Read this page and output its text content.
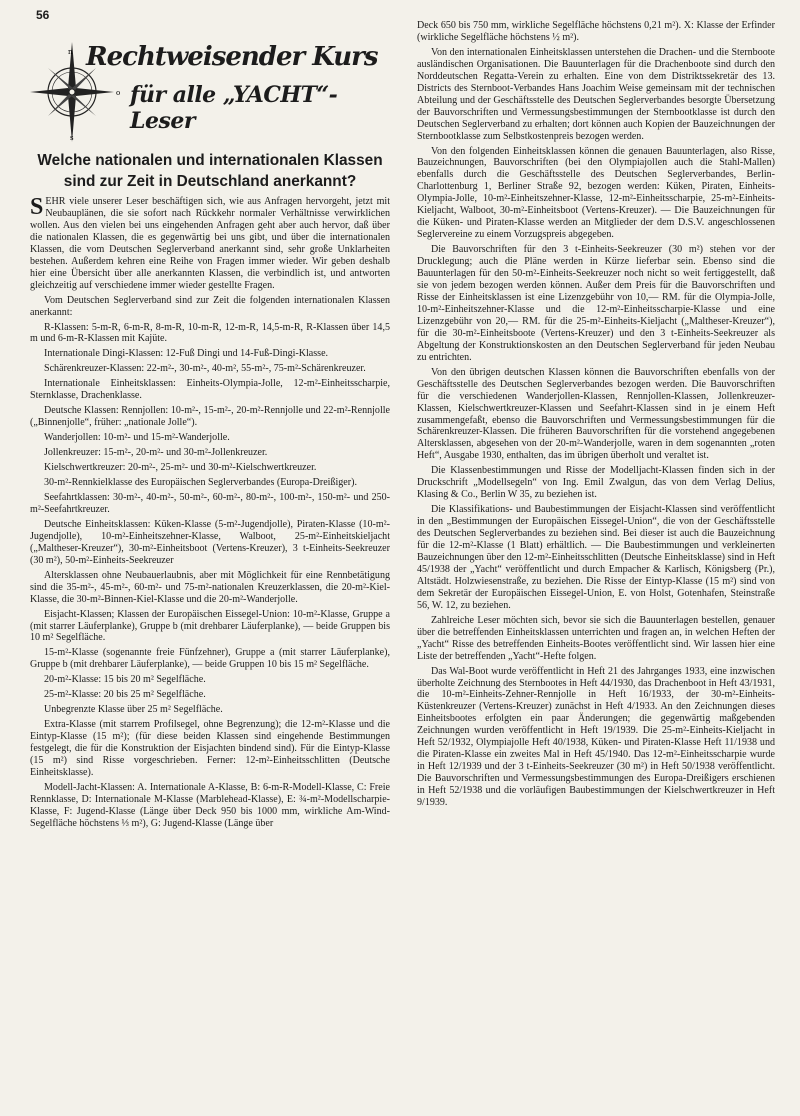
56
n
o
s
Rechtweisender Kurs
für alle „YACHT“-Leser
Welche nationalen und internationalen Klassen sind zur Zeit in Deutschland anerkannt?

SEHR viele unserer Leser beschäftigen sich, wie aus Anfragen hervorgeht, jetzt mit Neubauplänen, die sie sofort nach Rückkehr normaler Verhältnisse verwirklichen wollen. Aus den vielen bei uns eingehenden Anfragen geht aber auch hervor, daß über die nationalen Klassen, die es gegenwärtig bei uns gibt, und über die internationalen Klassen, die vom Deutschen Seglerverband anerkannt sind, sehr große Unklarheiten bestehen. Außerdem kehren eine Reihe von Fragen immer wieder. Wir geben deshalb hier eine Übersicht über alle anerkannten Klassen, die verbindlich ist, und antworten gleichzeitig auf verschiedene immer wieder gestellte Fragen.

Vom Deutschen Seglerverband sind zur Zeit die folgenden internationalen Klassen anerkannt:

R-Klassen: 5-m-R, 6-m-R, 8-m-R, 10-m-R, 12-m-R, 14,5-m-R, R-Klassen über 14,5 m und 6-m-R-Klassen mit Kajüte.

Internationale Dingi-Klassen: 12-Fuß Dingi und 14-Fuß-Dingi-Klasse.

Schärenkreuzer-Klassen: 22-m²-, 30-m²-, 40-m², 55-m²-, 75-m²-Schärenkreuzer.

Internationale Einheitsklassen: Einheits-Olympia-Jolle, 12-m²-Einheitsscharpie, Sternklasse, Drachenklasse.

Deutsche Klassen: Rennjollen: 10-m²-, 15-m²-, 20-m²-Rennjolle und 22-m²-Rennjolle („Binnenjolle“, früher: „nationale Jolle“).

Wanderjollen: 10-m²- und 15-m²-Wanderjolle.

Jollenkreuzer: 15-m²-, 20-m²- und 30-m²-Jollenkreuzer.

Kielschwertkreuzer: 20-m²-, 25-m²- und 30-m²-Kielschwertkreuzer.

30-m²-Rennkielklasse des Europäischen Seglerverbandes (Europa-Dreißiger).

Seefahrtklassen: 30-m²-, 40-m²-, 50-m²-, 60-m²-, 80-m²-, 100-m²-, 150-m²- und 250-m²-Seefahrtkreuzer.

Deutsche Einheitsklassen: Küken-Klasse (5-m²-Jugendjolle), Piraten-Klasse (10-m²-Jugendjolle), 10-m²-Einheitszehner-Klasse, Walboot, 25-m²-Einheitskieljacht („Maltheser-Kreuzer“), 30-m²-Einheitsboot (Vertens-Kreuzer), 3 t-Einheits-Seekreuzer (30 m²), 50-m²-Einheits-Seekreuzer

Altersklassen ohne Neubauerlaubnis, aber mit Möglichkeit für eine Rennbetätigung sind die 35-m²-, 45-m²-, 60-m²- und 75-m²-nationalen Kreuzerklassen, die 20-m²-Kiel-Klasse, die 30-m²-Binnen-Kiel-Klasse und die 20-m²-Wanderjolle.

Eisjacht-Klassen; Klassen der Europäischen Eissegel-Union: 10-m²-Klasse, Gruppe a (mit starrer Läuferplanke), Gruppe b (mit drehbarer Läuferplanke), — beide Gruppen bis 10 m² Segelfläche.

15-m²-Klasse (sogenannte freie Fünfzehner), Gruppe a (mit starrer Läuferplanke), Gruppe b (mit drehbarer Läuferplanke), — beide Gruppen 10 bis 15 m² Segelfläche.

20-m²-Klasse: 15 bis 20 m² Segelfläche.

25-m²-Klasse: 20 bis 25 m² Segelfläche.

Unbegrenzte Klasse über 25 m² Segelfläche.

Extra-Klasse (mit starrem Profilsegel, ohne Begrenzung); die 12-m²-Klasse und die Eintyp-Klasse (15 m²); (für diese beiden Klassen sind eingehende Bestimmungen festgelegt, die für die Konstruktion der Eisjachten bindend sind). Für die Eintyp-Klasse (15 m²) sind Risse vorgeschrieben. Ferner: 12-m²-Einheitsschlitten (Deutsche Einheitsklasse).

Modell-Jacht-Klassen: A. Internationale A-Klasse, B: 6-m-R-Modell-Klasse, C: Freie Rennklasse, D: Internationale M-Klasse (Marblehead-Klasse), E: ¾-m²-Modellscharpie-Klasse, F: Jugend-Klasse (Länge über Deck 950 bis 1000 mm, wirkliche Am-Wind-Segelfläche höchstens ⅓ m²), G: Jugend-Klasse (Länge über

Deck 650 bis 750 mm, wirkliche Segelfläche höchstens 0,21 m²). X: Klasse der Erfinder (wirkliche Segelfläche höchstens ½ m²).

Von den internationalen Einheitsklassen unterstehen die Drachen- und die Sternboote ausländischen Organisationen. Die Bauunterlagen für die Drachenboote sind durch den Norddeutschen Regatta-Verein zu erhalten. Eine von dem Distriktssekretär des 13. Districts des Sternboot-Verbandes Hans Joachim Weise gemeinsam mit der technischen Abteilung und der Geschäftsstelle des Deutschen Seglerverbandes besorgte Übersetzung der Bauvorschriften und Vermessungsbestimmungen der Sternbootklasse ist durch den Deutschen Seglerverband zu erhalten; dort können auch Kopien der Bauzeichnungen der Sternbootklasse zum Selbstkostenpreis bezogen werden.

Von den folgenden Einheitsklassen können die genauen Bauunterlagen, also Risse, Bauzeichnungen, Bauvorschriften (bei den Olympiajollen auch die Stahl-Mallen) ebenfalls durch die Geschäftsstelle des Deutschen Seglerverbandes, Berlin-Charlottenburg 1, Berliner Straße 92, bezogen werden: Küken, Piraten, Einheits-Olympia-Jolle, 10-m²-Einheitszehner-Klasse, 12-m²-Einheitsscharpie, 25-m²-Einheits-Kieljacht, Walboot, 30-m²-Einheitsboot (Vertens-Kreuzer). — Die Bauzeichnungen für die Küken- und Piraten-Klasse werden an Mitglieder der dem D.S.V. angeschlossenen Seglervereine zu einem Vorzugspreis abgegeben.

Die Bauvorschriften für den 3 t-Einheits-Seekreuzer (30 m²) stehen vor der Drucklegung; auch die Pläne werden in Kürze lieferbar sein. Ebenso sind die Bauunterlagen für den 50-m²-Einheits-Seekreuzer noch nicht so weit fertiggestellt, daß sie von jedem bezogen werden können. Außer dem Preis für die Bauvorschriften und Risse der Einheitsklassen ist eine Lizenzgebühr von 10,— RM. für die Olympia-Jolle, 10-m²-Einheitszehner-Klasse und die 12-m²-Einheitsscharpie-Klasse und eine Lizenzgebühr von 20,— RM. für die 25-m²-Einheits-Kieljacht („Maltheser-Kreuzer“), für die 30-m²-Einheitsboote (Vertens-Kreuzer) und den 3 t-Einheits-Seekreuzer als Abgeltung der Konstruktionskosten an den Deutschen Seglerverband für jeden Neubau zu entrichten.

Von den übrigen deutschen Klassen können die Bauvorschriften ebenfalls von der Geschäftsstelle des Deutschen Seglerverbandes bezogen werden. Die Bauvorschriften für die verschiedenen Wanderjollen-Klassen, Rennjollen-Klassen, Jollenkreuzer-Klassen, Kielschwertkreuzer-Klassen und Seefahrt-Klassen sind in je einem Heft zusammengefaßt, ebenso die Bauvorschriften und Vermessungsbestimmungen für die Schärenkreuzer-Klassen. Die früheren Bauvorschriften für die vorstehend angegebenen Altersklassen, abgesehen von der 20-m²-Wanderjolle, waren in dem sogenannten „roten Heft“, Ausgabe 1930, enthalten, das im übrigen überholt und veraltet ist.

Die Klassenbestimmungen und Risse der Modelljacht-Klassen finden sich in der Druckschrift „Modellsegeln“ von Ing. Emil Zwalgun, das von dem Verlag Delius, Klasing & Co., Berlin W 35, zu beziehen ist.

Die Klassifikations- und Baubestimmungen der Eisjacht-Klassen sind veröffentlicht in den „Bestimmungen der Europäischen Eissegel-Union“, die von der Geschäftsstelle des Deutschen Seglerverbandes zu beziehen sind. Bei dieser ist auch die Bauzeichnung für die 12-m²-Klasse (1 Blatt) erhältlich. — Die Baubestimmungen und verkleinerten Bauzeichnungen über den 12-m²-Einheitsschlitten (Deutsche Einheitsklasse) sind in Heft 45/1938 der „Yacht“ veröffentlicht und durch Empacher & Karlisch, Königsberg (Pr.), Altstädt. Holzwiesenstraße, zu beziehen. Die Risse der Eintyp-Klasse (15 m²) sind von dem Sekretär der Europäischen Eissegel-Union, E. von Holst, Gotenhafen, Steinstraße 56, W. 12, zu beziehen.

Zahlreiche Leser möchten sich, bevor sie sich die Bauunterlagen bestellen, genauer über die betreffenden Einheitsklassen unterrichten und fragen an, in welchen Heften der „Yacht“ Risse des betreffenden Einheits-Bootes veröffentlicht sind. Wir lassen hier eine Liste der betreffenden „Yacht“-Hefte folgen.

Das Wal-Boot wurde veröffentlicht in Heft 21 des Jahrganges 1933, eine inzwischen überholte Zeichnung des Sternbootes in Heft 44/1930, das Drachenboot in Heft 43/1931, die 10-m²-Einheits-Zehner-Rennjolle in Heft 16/1933, der 30-m²-Einheits-Küstenkreuzer (Vertens-Kreuzer) zunächst in Heft 4/1933. An den Zeichnungen dieses Einheitsbootes erfolgten ein paar Änderungen; die gegenwärtig maßgebenden Zeichnungen wurden veröffentlicht in Heft 19/1939. Die 25-m²-Einheits-Kieljacht in Heft 52/1932, Olympiajolle Heft 40/1938, Küken- und Piraten-Klasse Heft 11/1938 und die Piraten-Klasse ein zweites Mal in Heft 45/1940. Das 12-m²-Einheitsscharpie wurde in Heft 12/1939 und der 3 t-Einheits-Seekreuzer (30 m²) in Heft 50/1938 veröffentlicht. Die Bauvorschriften und Vermessungsbestimmungen des Europa-Dreißigers erschienen in Heft 52/1938 und die vorläufigen Baubestimmungen der Kielschwertkreuzer in Heft 9/1939.
